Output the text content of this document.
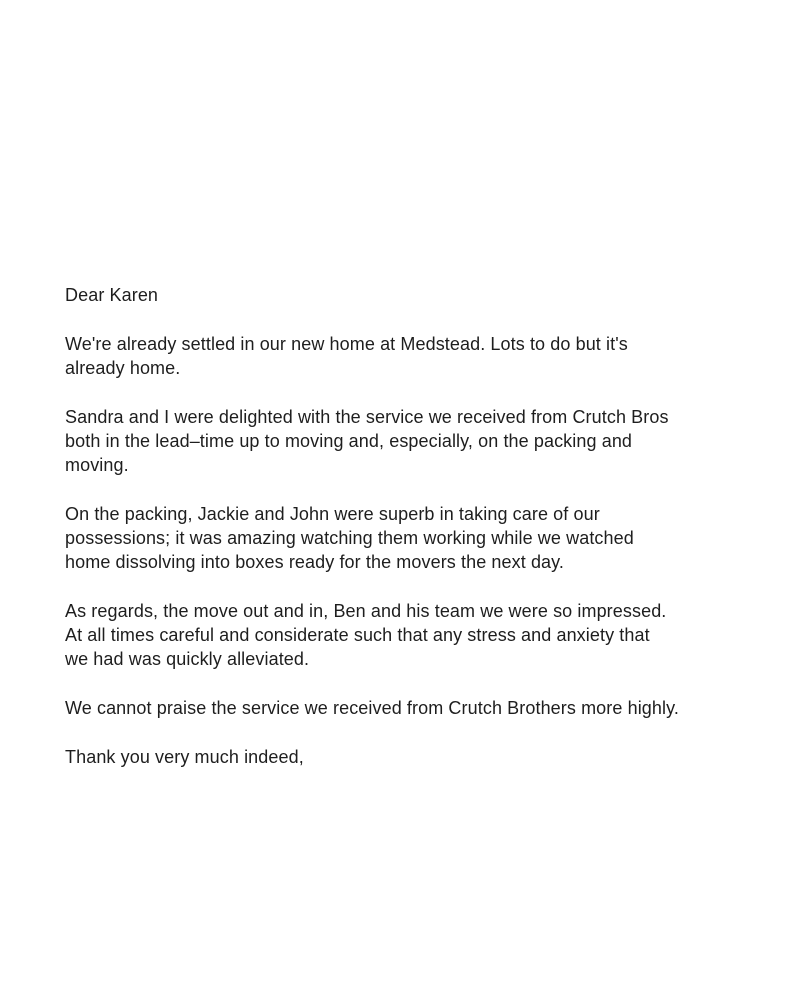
Dear Karen

We're already settled in our new home at Medstead. Lots to do but it's

already home.

Sandra and I were delighted with the service we received from Crutch Bros

both in the lead–time up to moving and, especially, on the packing and

moving.

On the packing, Jackie and John were superb in taking care of our

possessions; it was amazing watching them working while we watched

home dissolving into boxes ready for the movers the next day.

As regards, the move out and in, Ben and his team we were so impressed.

At all times careful and considerate such that any stress and anxiety that

we had was quickly alleviated.

We cannot praise the service we received from Crutch Brothers more highly.

Thank you very much indeed,
